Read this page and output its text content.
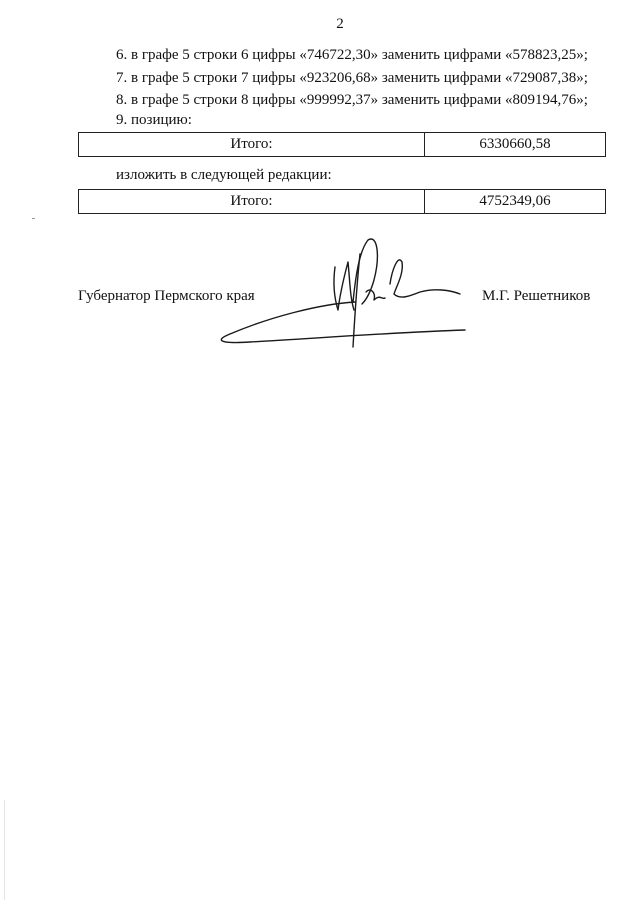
2
6. в графе 5 строки 6 цифры «746722,30» заменить цифрами «578823,25»;
7. в графе 5 строки 7 цифры «923206,68» заменить цифрами «729087,38»;
8. в графе 5 строки 8 цифры «999992,37» заменить цифрами «809194,76»;
9. позицию:
Итого:	6330660,58
изложить в следующей редакции:
Итого:	4752349,06
Губернатор Пермского края	М.Г. Решетников
